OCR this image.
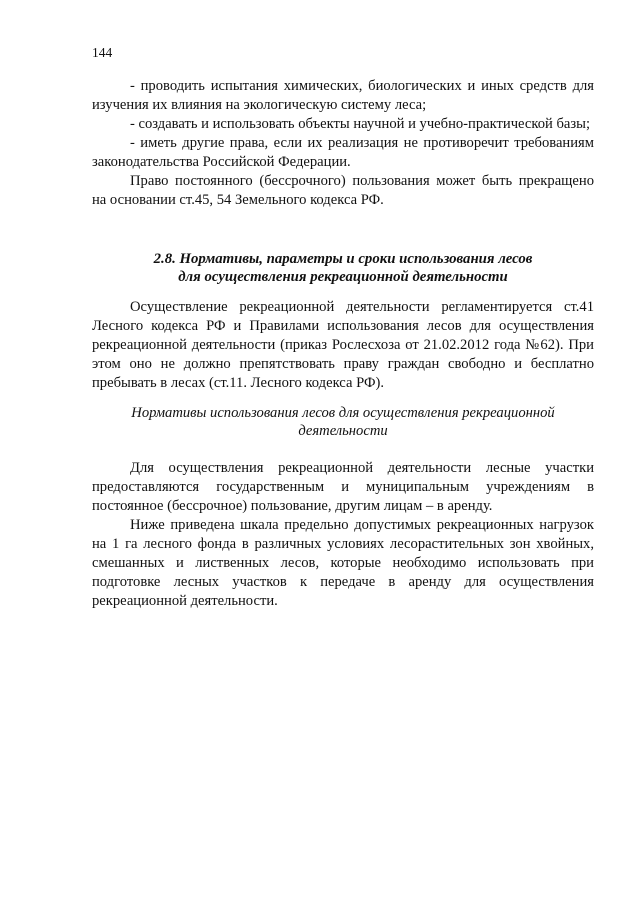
144

- проводить испытания химических, биологических и иных средств для изучения их влияния на экологическую систему леса;

- создавать и использовать объекты научной и учебно-практической базы;

- иметь другие права, если их реализация не противоречит требованиям законодательства Российской Федерации.

Право постоянного (бессрочного) пользования может быть прекращено на основании ст.45, 54 Земельного кодекса РФ.

2.8. Нормативы, параметры и сроки использования лесов
для осуществления рекреационной деятельности

Осуществление рекреационной деятельности регламентируется ст.41 Лесного кодекса РФ и Правилами использования лесов для осуществления рекреационной деятельности (приказ Рослесхоза от 21.02.2012 года №62). При этом оно не должно препятствовать праву граждан свободно и бесплатно пребывать в лесах (ст.11. Лесного кодекса РФ).

Нормативы использования лесов для осуществления рекреационной
деятельности

Для осуществления рекреационной деятельности лесные участки предоставляются государственным и муниципальным учреждениям в постоянное (бессрочное) пользование, другим лицам – в аренду.

Ниже приведена шкала предельно допустимых рекреационных нагрузок на 1 га лесного фонда в различных условиях лесорастительных зон хвойных, смешанных и лиственных лесов, которые необходимо использовать при подготовке лесных участков к передаче в аренду для осуществления рекреационной деятельности.
